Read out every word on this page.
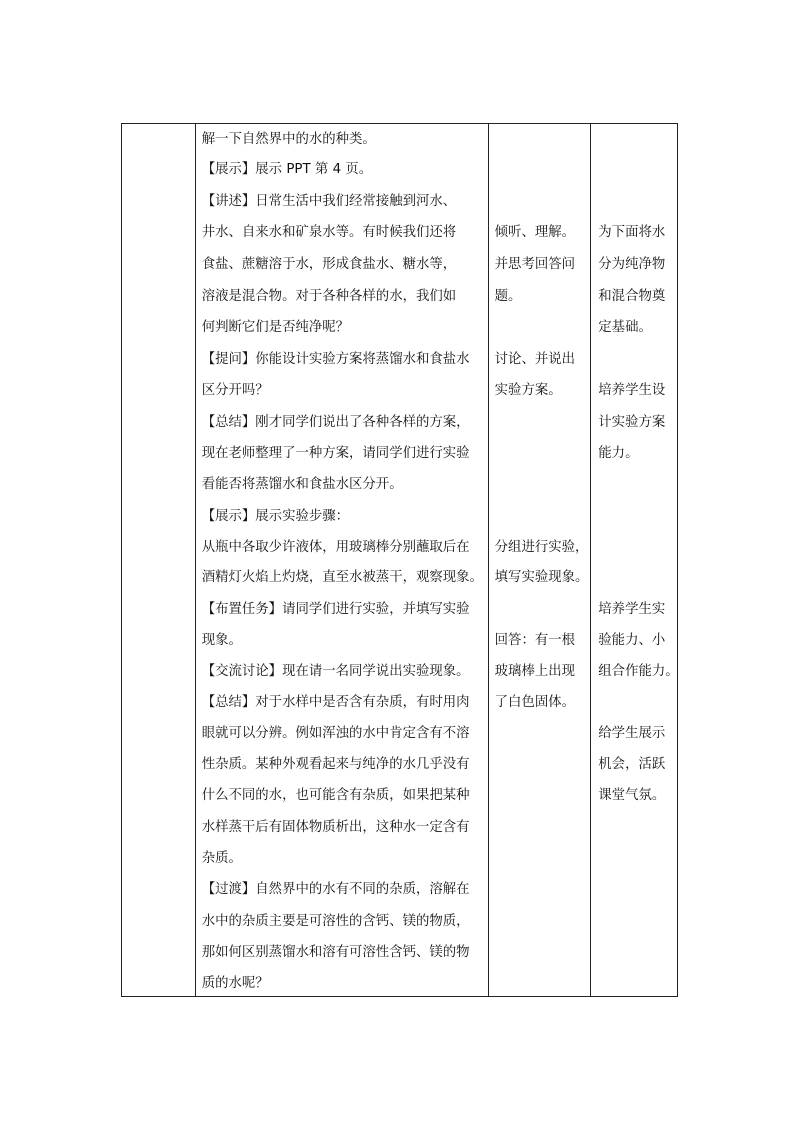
解一下自然界中的水的种类。
【展示】展示 PPT 第 4 页。
【讲述】日常生活中我们经常接触到河水、
井水、自来水和矿泉水等。有时候我们还将
食盐、蔗糖溶于水，形成食盐水、糖水等，
溶液是混合物。对于各种各样的水，我们如
何判断它们是否纯净呢？
【提问】你能设计实验方案将蒸馏水和食盐水
区分开吗？
【总结】刚才同学们说出了各种各样的方案，
现在老师整理了一种方案，请同学们进行实验
看能否将蒸馏水和食盐水区分开。
【展示】展示实验步骤：
从瓶中各取少许液体，用玻璃棒分别蘸取后在
酒精灯火焰上灼烧，直至水被蒸干，观察现象。
【布置任务】请同学们进行实验，并填写实验
现象。
【交流讨论】现在请一名同学说出实验现象。
【总结】对于水样中是否含有杂质，有时用肉
眼就可以分辨。例如浑浊的水中肯定含有不溶
性杂质。某种外观看起来与纯净的水几乎没有
什么不同的水，也可能含有杂质，如果把某种
水样蒸干后有固体物质析出，这种水一定含有
杂质。
【过渡】自然界中的水有不同的杂质，溶解在
水中的杂质主要是可溶性的含钙、镁的物质，
那如何区别蒸馏水和溶有可溶性含钙、镁的物
质的水呢？
倾听、理解。
并思考回答问
题。
讨论、并说出
实验方案。
分组进行实验，
填写实验现象。
回答：有一根
玻璃棒上出现
了白色固体。
为下面将水
分为纯净物
和混合物奠
定基础。
培养学生设
计实验方案
能力。
培养学生实
验能力、小
组合作能力。
给学生展示
机会，活跃
课堂气氛。
